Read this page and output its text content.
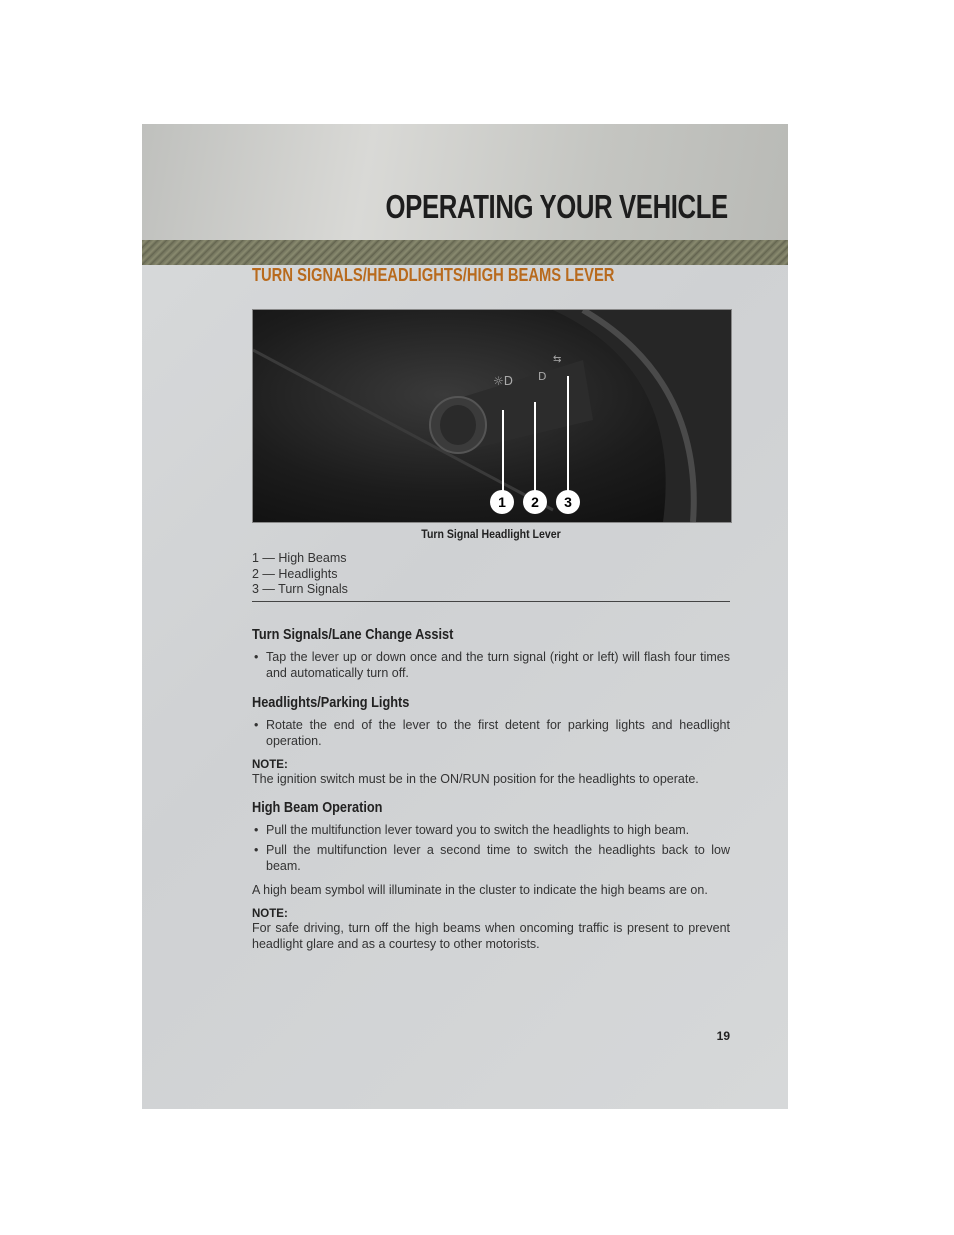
OPERATING YOUR VEHICLE
TURN SIGNALS/HEADLIGHTS/HIGH BEAMS LEVER
☼D D
⇆
1	2	3
Turn Signal Headlight Lever
1 — High Beams
2 — Headlights
3 — Turn Signals
Turn Signals/Lane Change Assist
• Tap the lever up or down once and the turn signal (right or left) will flash four times and automatically turn off.
Headlights/Parking Lights
• Rotate the end of the lever to the first detent for parking lights and headlight operation.
NOTE:
The ignition switch must be in the ON/RUN position for the headlights to operate.
High Beam Operation
• Pull the multifunction lever toward you to switch the headlights to high beam.
• Pull the multifunction lever a second time to switch the headlights back to low beam.
A high beam symbol will illuminate in the cluster to indicate the high beams are on.
NOTE:
For safe driving, turn off the high beams when oncoming traffic is present to prevent headlight glare and as a courtesy to other motorists.
19
